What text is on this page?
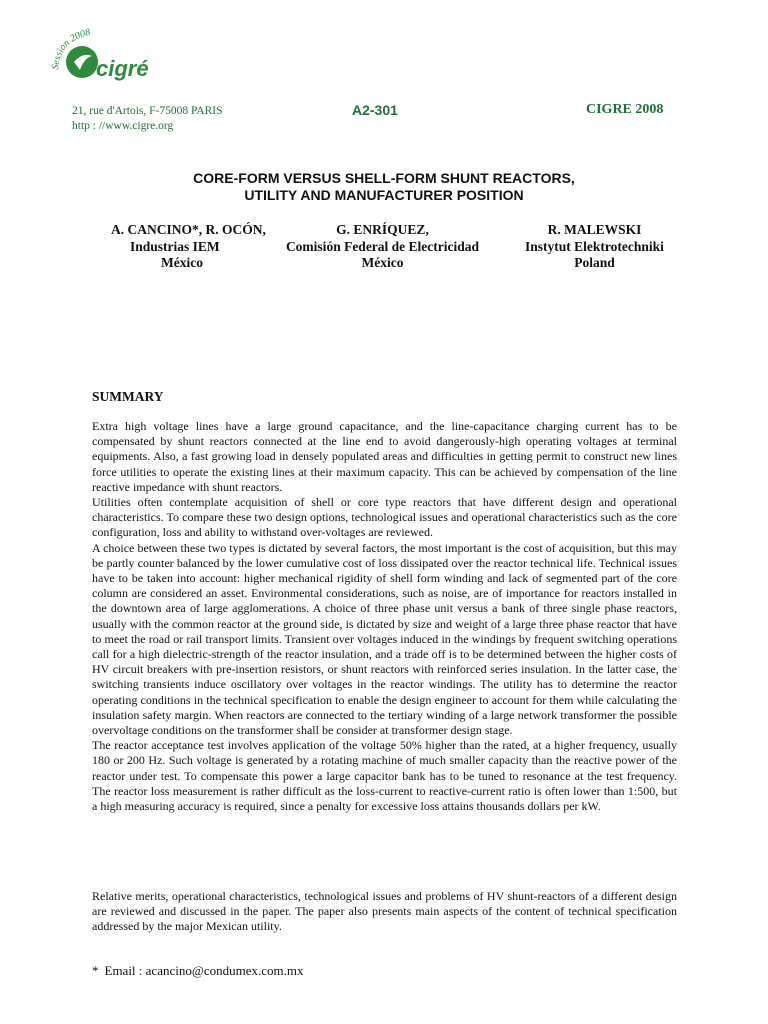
Session 2008
cigré
21, rue d'Artois, F-75008 PARIS
http : //www.cigre.org
A2-301	CIGRE 2008
CORE-FORM VERSUS SHELL-FORM SHUNT REACTORS,
UTILITY AND MANUFACTURER POSITION
A. CANCINO*, R. OCÓN,
Industrias IEM
México
G. ENRÍQUEZ,
Comisión Federal de Electricidad
México
R. MALEWSKI
Instytut Elektrotechniki
Poland
SUMMARY

Extra high voltage lines have a large ground capacitance, and the line-capacitance charging current has to be compensated by shunt reactors connected at the line end to avoid dangerously-high operating voltages at terminal equipments. Also, a fast growing load in densely populated areas and difficulties in getting permit to construct new lines force utilities to operate the existing lines at their maximum capacity. This can be achieved by compensation of the line reactive impedance with shunt reactors.

Utilities often contemplate acquisition of shell or core type reactors that have different design and operational characteristics. To compare these two design options, technological issues and operational characteristics such as the core configuration, loss and ability to withstand over-voltages are reviewed.

A choice between these two types is dictated by several factors, the most important is the cost of acquisition, but this may be partly counter balanced by the lower cumulative cost of loss dissipated over the reactor technical life. Technical issues have to be taken into account: higher mechanical rigidity of shell form winding and lack of segmented part of the core column are considered an asset. Environmental considerations, such as noise, are of importance for reactors installed in the downtown area of large agglomerations. A choice of three phase unit versus a bank of three single phase reactors, usually with the common reactor at the ground side, is dictated by size and weight of a large three phase reactor that have to meet the road or rail transport limits. Transient over voltages induced in the windings by frequent switching operations call for a high dielectric-strength of the reactor insulation, and a trade off is to be determined between the higher costs of HV circuit breakers with pre-insertion resistors, or shunt reactors with reinforced series insulation. In the latter case, the switching transients induce oscillatory over voltages in the reactor windings. The utility has to determine the reactor operating conditions in the technical specification to enable the design engineer to account for them while calculating the insulation safety margin. When reactors are connected to the tertiary winding of a large network transformer the possible overvoltage conditions on the transformer shall be consider at transformer design stage.

The reactor acceptance test involves application of the voltage 50% higher than the rated, at a higher frequency, usually 180 or 200 Hz. Such voltage is generated by a rotating machine of much smaller capacity than the reactive power of the reactor under test. To compensate this power a large capacitor bank has to be tuned to resonance at the test frequency. The reactor loss measurement is rather difficult as the loss-current to reactive-current ratio is often lower than 1:500, but a high measuring accuracy is required, since a penalty for excessive loss attains thousands dollars per kW.

Relative merits, operational characteristics, technological issues and problems of HV shunt-reactors of a different design are reviewed and discussed in the paper. The paper also presents main aspects of the content of technical specification addressed by the major Mexican utility.

* Email : acancino@condumex.com.mx
